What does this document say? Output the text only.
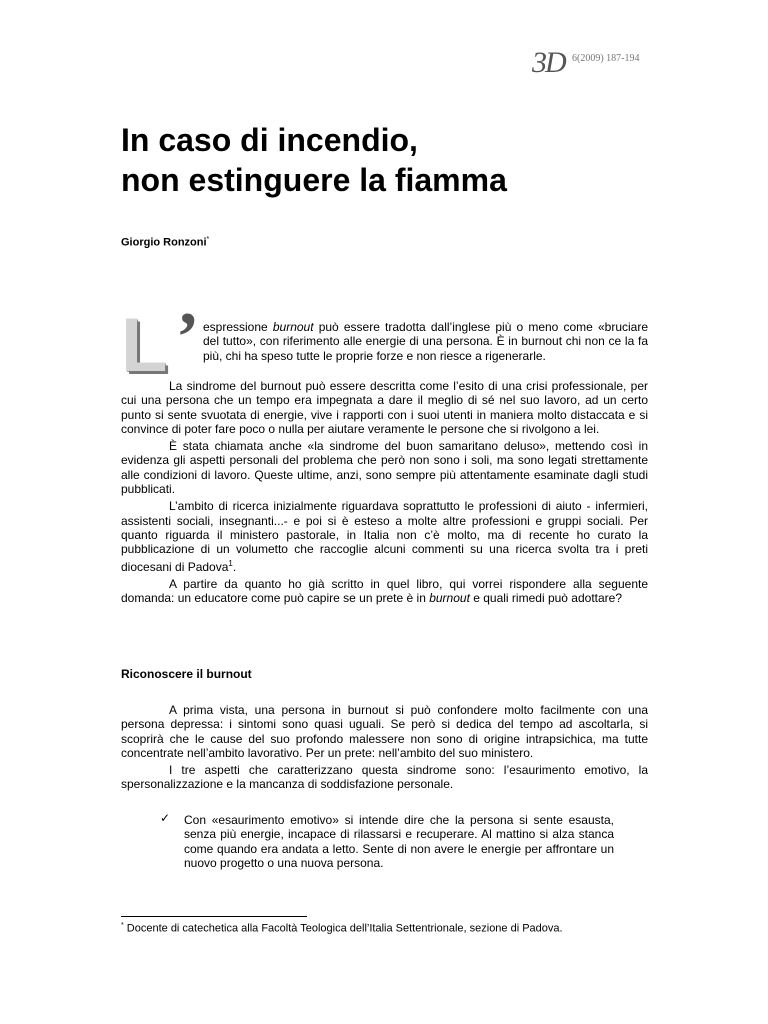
3D 6(2009) 187-194
In caso di incendio,
non estinguere la fiamma
Giorgio Ronzoni*
L ’ espressione burnout può essere tradotta dall’inglese più o meno come «bruciare del tutto», con riferimento alle energie di una persona. È in burnout chi non ce la fa più, chi ha speso tutte le proprie forze e non riesce a rigenerarle.

La sindrome del burnout può essere descritta come l’esito di una crisi professionale, per cui una persona che un tempo era impegnata a dare il meglio di sé nel suo lavoro, ad un certo punto si sente svuotata di energie, vive i rapporti con i suoi utenti in maniera molto distaccata e si convince di poter fare poco o nulla per aiutare veramente le persone che si rivolgono a lei.

È stata chiamata anche «la sindrome del buon samaritano deluso», mettendo così in evidenza gli aspetti personali del problema che però non sono i soli, ma sono legati strettamente alle condizioni di lavoro. Queste ultime, anzi, sono sempre più attentamente esaminate dagli studi pubblicati.

L’ambito di ricerca inizialmente riguardava soprattutto le professioni di aiuto - infermieri, assistenti sociali, insegnanti...- e poi si è esteso a molte altre professioni e gruppi sociali. Per quanto riguarda il ministero pastorale, in Italia non c’è molto, ma di recente ho curato la pubblicazione di un volumetto che raccoglie alcuni commenti su una ricerca svolta tra i preti diocesani di Padova$^1$.

A partire da quanto ho già scritto in quel libro, qui vorrei rispondere alla seguente domanda: un educatore come può capire se un prete è in burnout e quali rimedi può adottare?

Riconoscere il burnout

A prima vista, una persona in burnout si può confondere molto facilmente con una persona depressa: i sintomi sono quasi uguali. Se però si dedica del tempo ad ascoltarla, si scoprirà che le cause del suo profondo malessere non sono di origine intrapsichica, ma tutte concentrate nell’ambito lavorativo. Per un prete: nell’ambito del suo ministero.

I tre aspetti che caratterizzano questa sindrome sono: l’esaurimento emotivo, la spersonalizzazione e la mancanza di soddisfazione personale.

✓ Con «esaurimento emotivo» si intende dire che la persona si sente esausta, senza più energie, incapace di rilassarsi e recuperare. Al mattino si alza stanca come quando era andata a letto. Sente di non avere le energie per affrontare un nuovo progetto o una nuova persona.
* Docente di catechetica alla Facoltà Teologica dell’Italia Settentrionale, sezione di Padova.
